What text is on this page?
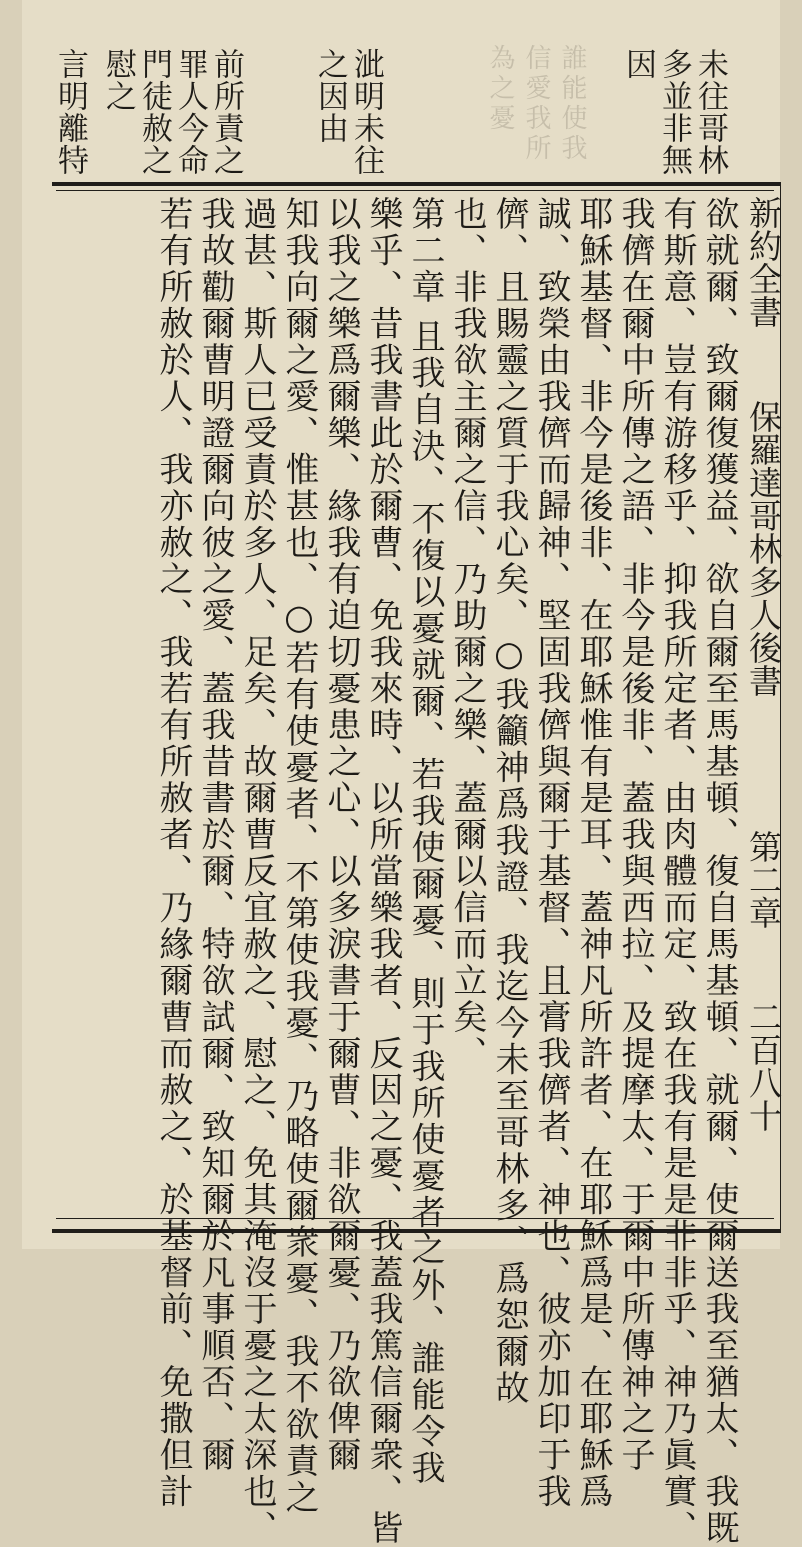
誰能使我
信愛我所
為之憂	未往哥林
多並非無
因
泚明未往
之因由
前所責之
罪人今命
門徒赦之
慰之
言明離特
新約全書
保羅達哥林多人後書
第二章
二百八十
欲就爾、致爾復獲益、欲自爾至馬基頓、復自馬基頓、就爾、使爾送我至猶太、我既
有斯意、豈有游移乎、抑我所定者、由肉體而定、致在我有是是非非乎、神乃眞實、
我儕在爾中所傳之語、非今是後非、蓋我與西拉、及提摩太、于爾中所傳神之子
耶穌基督、非今是後非、在耶穌惟有是耳、蓋神凡所許者、在耶穌爲是、在耶穌爲
誠、致榮由我儕而歸神、堅固我儕與爾于基督、且膏我儕者、神也、彼亦加印于我
儕、且賜靈之質于我心矣、○我籲神爲我證、我迄今未至哥林多、爲恕爾故
也、非我欲主爾之信、乃助爾之樂、蓋爾以信而立矣、
第二章 且我自決、不復以憂就爾、若我使爾憂、則于我所使憂者之外、誰能令我
樂乎、昔我書此於爾曹、免我來時、以所當樂我者、反因之憂、我蓋我篤信爾衆、皆
以我之樂爲爾樂、緣我有迫切憂患之心、以多淚書于爾曹、非欲爾憂、乃欲俾爾
知我向爾之愛、惟甚也、○若有使憂者、不第使我憂、乃略使爾衆憂、我不欲責之
過甚、斯人已受責於多人、足矣、故爾曹反宜赦之、慰之、免其淹沒于憂之太深也、
我故勸爾曹明證爾向彼之愛、蓋我昔書於爾、特欲試爾、致知爾於凡事順否、爾
若有所赦於人、我亦赦之、我若有所赦者、乃緣爾曹而赦之、於基督前、免撒但計
